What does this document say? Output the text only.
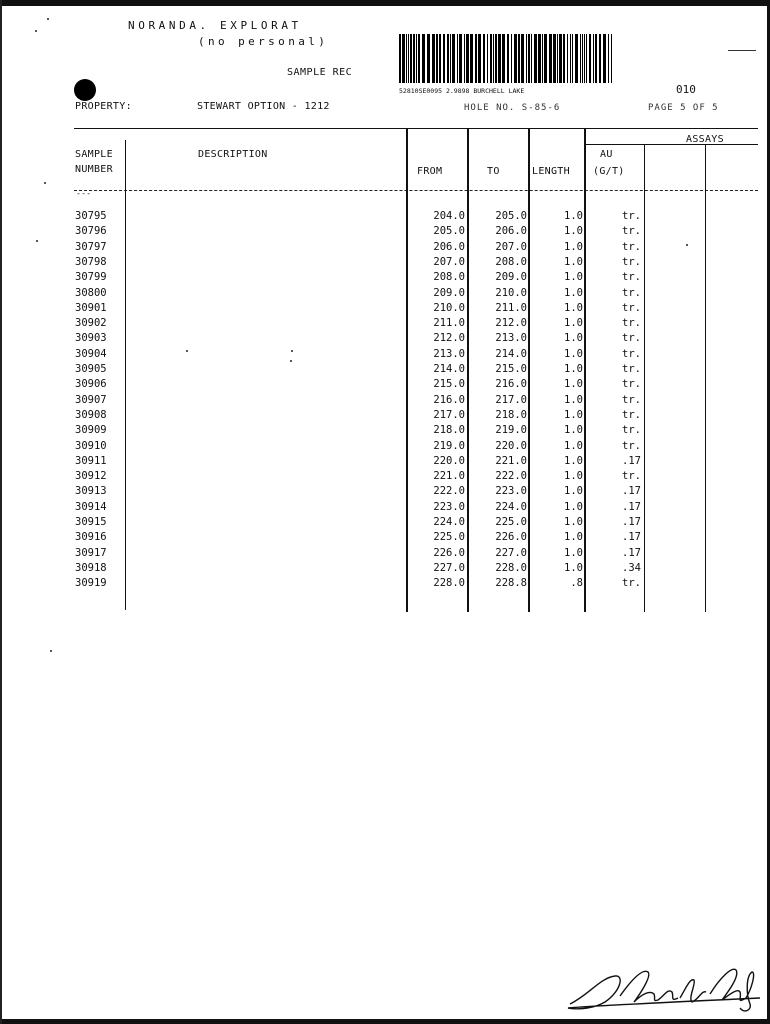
NORANDA. EXPLORAT
(no personal)
SAMPLE REC
52810SE0095 2.9898 BURCHELL LAKE	010
HOLE NO. S-85-6	PAGE 5 OF 5
PROPERTY:	STEWART OPTION - 1212
SAMPLE
NUMBER
DESCRIPTION
FROM	TO	LENGTH
AU
(G/T)
ASSAYS
---
30795	204.0	205.0	1.0	tr.
30796	205.0	206.0	1.0	tr.
30797	206.0	207.0	1.0	tr.
30798	207.0	208.0	1.0	tr.
30799	208.0	209.0	1.0	tr.
30800	209.0	210.0	1.0	tr.
30901	210.0	211.0	1.0	tr.
30902	211.0	212.0	1.0	tr.
30903	212.0	213.0	1.0	tr.
30904	213.0	214.0	1.0	tr.
30905	214.0	215.0	1.0	tr.
30906	215.0	216.0	1.0	tr.
30907	216.0	217.0	1.0	tr.
30908	217.0	218.0	1.0	tr.
30909	218.0	219.0	1.0	tr.
30910	219.0	220.0	1.0	tr.
30911	220.0	221.0	1.0	.17
30912	221.0	222.0	1.0	tr.
30913	222.0	223.0	1.0	.17
30914	223.0	224.0	1.0	.17
30915	224.0	225.0	1.0	.17
30916	225.0	226.0	1.0	.17
30917	226.0	227.0	1.0	.17
30918	227.0	228.0	1.0	.34
30919	228.0	228.8	.8	tr.
